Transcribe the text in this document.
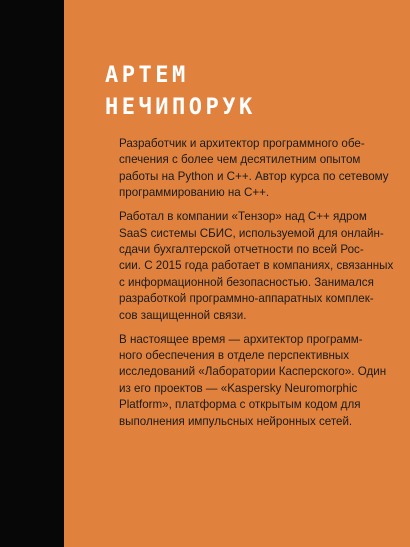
АРТЕМ
НЕЧИПОРУК

Разработчик и архитектор программного обе-
спечения с более чем десятилетним опытом
работы на Python и C++. Автор курса по сетевому
программированию на C++.

Работал в компании «Тензор» над C++ ядром
SaaS системы СБИС, используемой для онлайн-
сдачи бухгалтерской отчетности по всей Рос-
сии. С 2015 года работает в компаниях, связанных
с информационной безопасностью. Занимался
разработкой программно-аппаратных комплек-
сов защищенной связи.

В настоящее время — архитектор программ-
ного обеспечения в отделе перспективных
исследований «Лаборатории Касперского». Один
из его проектов — «Kaspersky Neuromorphic
Platform», платформа с открытым кодом для
выполнения импульсных нейронных сетей.
